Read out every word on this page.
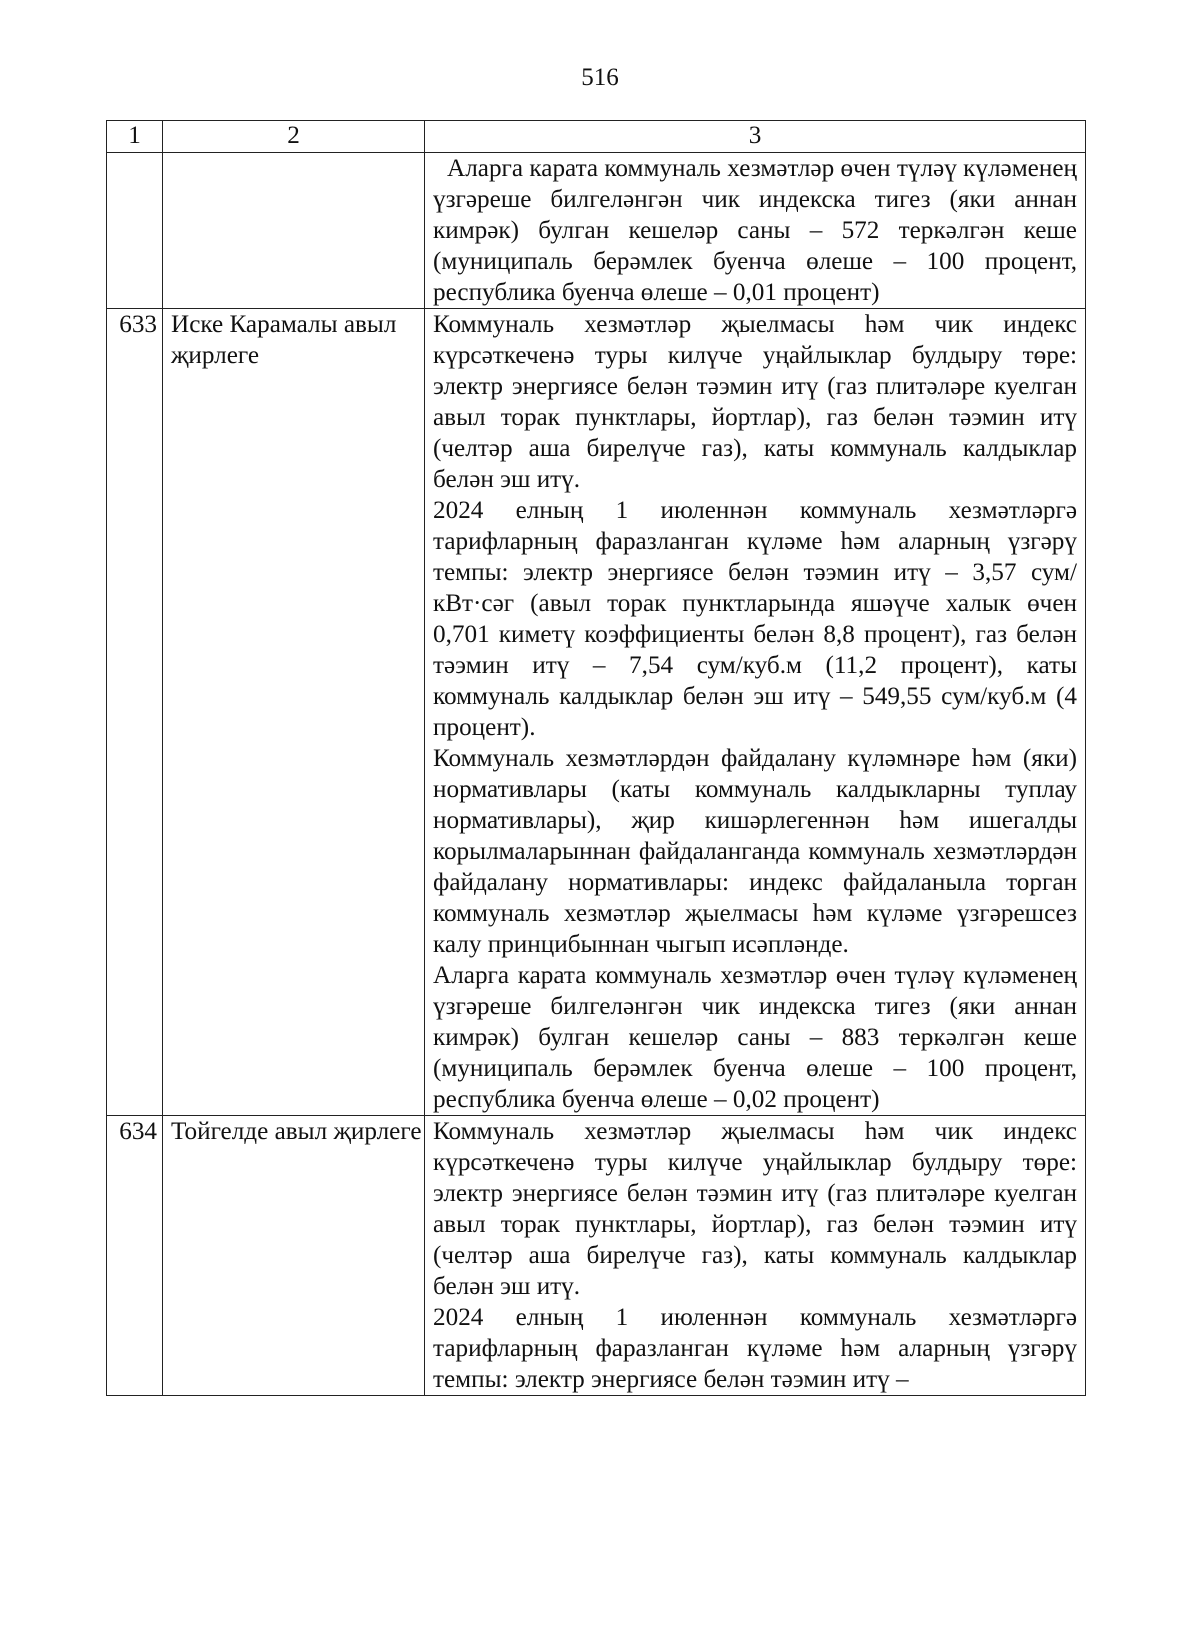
516
1	2	3

		Аларга карата коммуналь хезмәтләр өчен түләү күләменең үзгәреше билгеләнгән чик индекска тигез (яки аннан кимрәк) булган кешеләр саны – 572 теркәлгән кеше (муниципаль берәмлек буенча өлеше – 100 процент, республика буенча өлеше – 0,01 процент)

633	Иске Карамалы авыл җирлеге	Коммуналь хезмәтләр җыелмасы һәм чик индекс күрсәткеченә туры килүче уңайлыклар булдыру төре: электр энергиясе белән тәэмин итү (газ плитәләре куелган авыл торак пунктлары, йортлар), газ белән тәэмин итү (челтәр аша бирелүче газ), каты коммуналь калдыклар белән эш итү.

2024 елның 1 июленнән коммуналь хезмәтләргә тарифларның фаразланган күләме һәм аларның үзгәрү темпы: электр энергиясе белән тәэмин итү – 3,57 сум/кВт·сәг (авыл торак пунктларында яшәүче халык өчен 0,701 киметү коэффициенты белән 8,8 процент), газ белән тәэмин итү – 7,54 сум/куб.м (11,2 процент), каты коммуналь калдыклар белән эш итү – 549,55 сум/куб.м (4 процент).

Коммуналь хезмәтләрдән файдалану күләмнәре һәм (яки) нормативлары (каты коммуналь калдыкларны туплау нормативлары), җир кишәрлегеннән һәм ишегалды корылмаларыннан файдаланганда коммуналь хезмәтләрдән файдалану нормативлары: индекс файдаланыла торган коммуналь хезмәтләр җыелмасы һәм күләме үзгәрешсез калу принцибыннан чыгып исәпләнде.

Аларга карата коммуналь хезмәтләр өчен түләү күләменең үзгәреше билгеләнгән чик индекска тигез (яки аннан кимрәк) булган кешеләр саны – 883 теркәлгән кеше (муниципаль берәмлек буенча өлеше – 100 процент, республика буенча өлеше – 0,02 процент)

634	Тойгелде авыл җирлеге	Коммуналь хезмәтләр җыелмасы һәм чик индекс күрсәткеченә туры килүче уңайлыклар булдыру төре: электр энергиясе белән тәэмин итү (газ плитәләре куелган авыл торак пунктлары, йортлар), газ белән тәэмин итү (челтәр аша бирелүче газ), каты коммуналь калдыклар белән эш итү.

2024 елның 1 июленнән коммуналь хезмәтләргә тарифларның фаразланган күләме һәм аларның үзгәрү темпы: электр энергиясе белән тәэмин итү –
